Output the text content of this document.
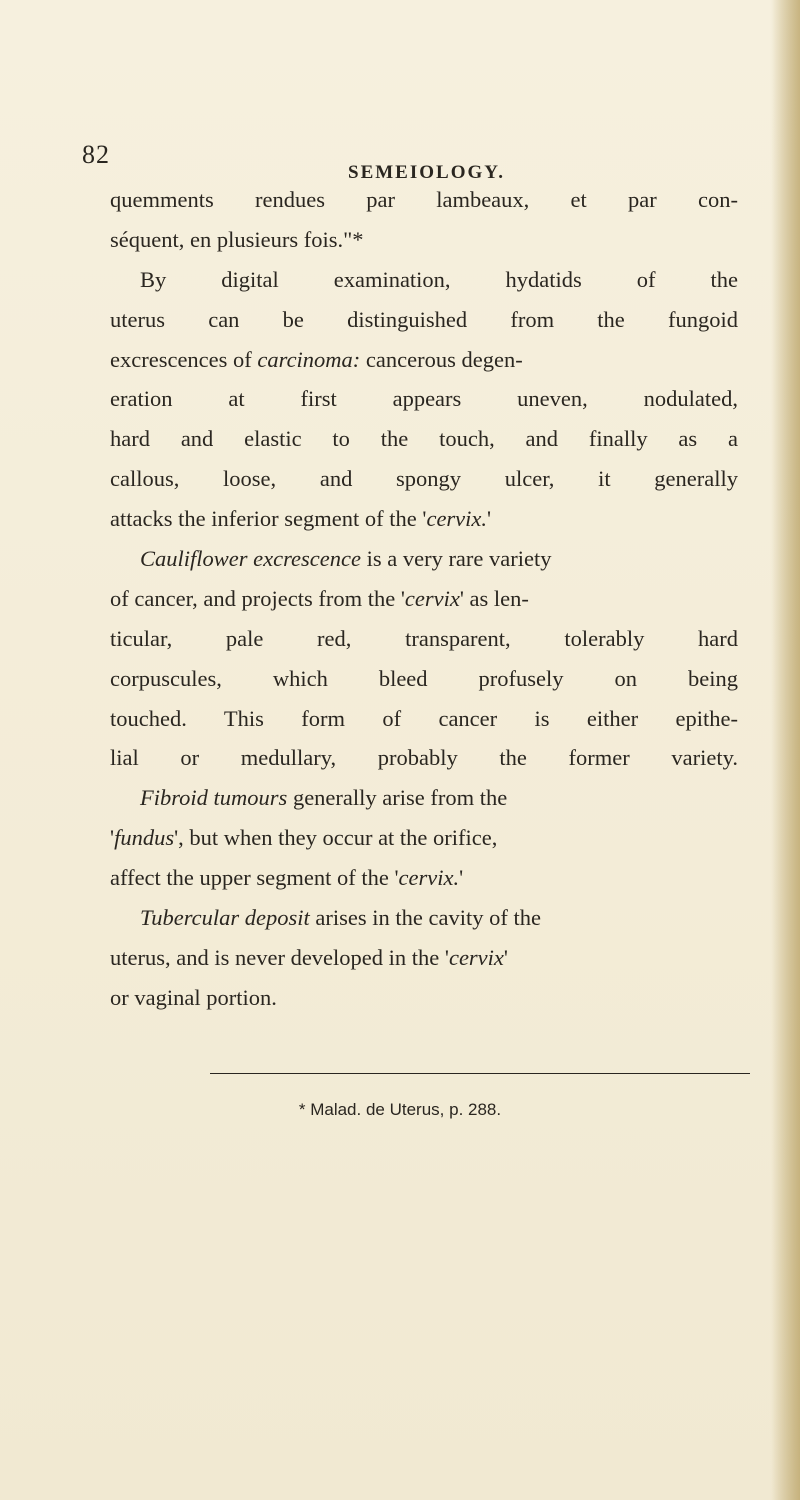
82
SEMEIOLOGY.
quemments rendues par lambeaux, et par con-
séquent, en plusieurs fois."*
By digital examination, hydatids of the
uterus can be distinguished from the fungoid
excrescences of carcinoma: cancerous degen-
eration at first appears uneven, nodulated,
hard and elastic to the touch, and finally as a
callous, loose, and spongy ulcer, it generally
attacks the inferior segment of the 'cervix.'
Cauliflower excrescence is a very rare variety
of cancer, and projects from the 'cervix' as len-
ticular, pale red, transparent, tolerably hard
corpuscules, which bleed profusely on being
touched. This form of cancer is either epithe-
lial or medullary, probably the former variety.
Fibroid tumours generally arise from the
'fundus', but when they occur at the orifice,
affect the upper segment of the 'cervix.'
Tubercular deposit arises in the cavity of the
uterus, and is never developed in the 'cervix'
or vaginal portion.
* Malad. de Uterus, p. 288.
